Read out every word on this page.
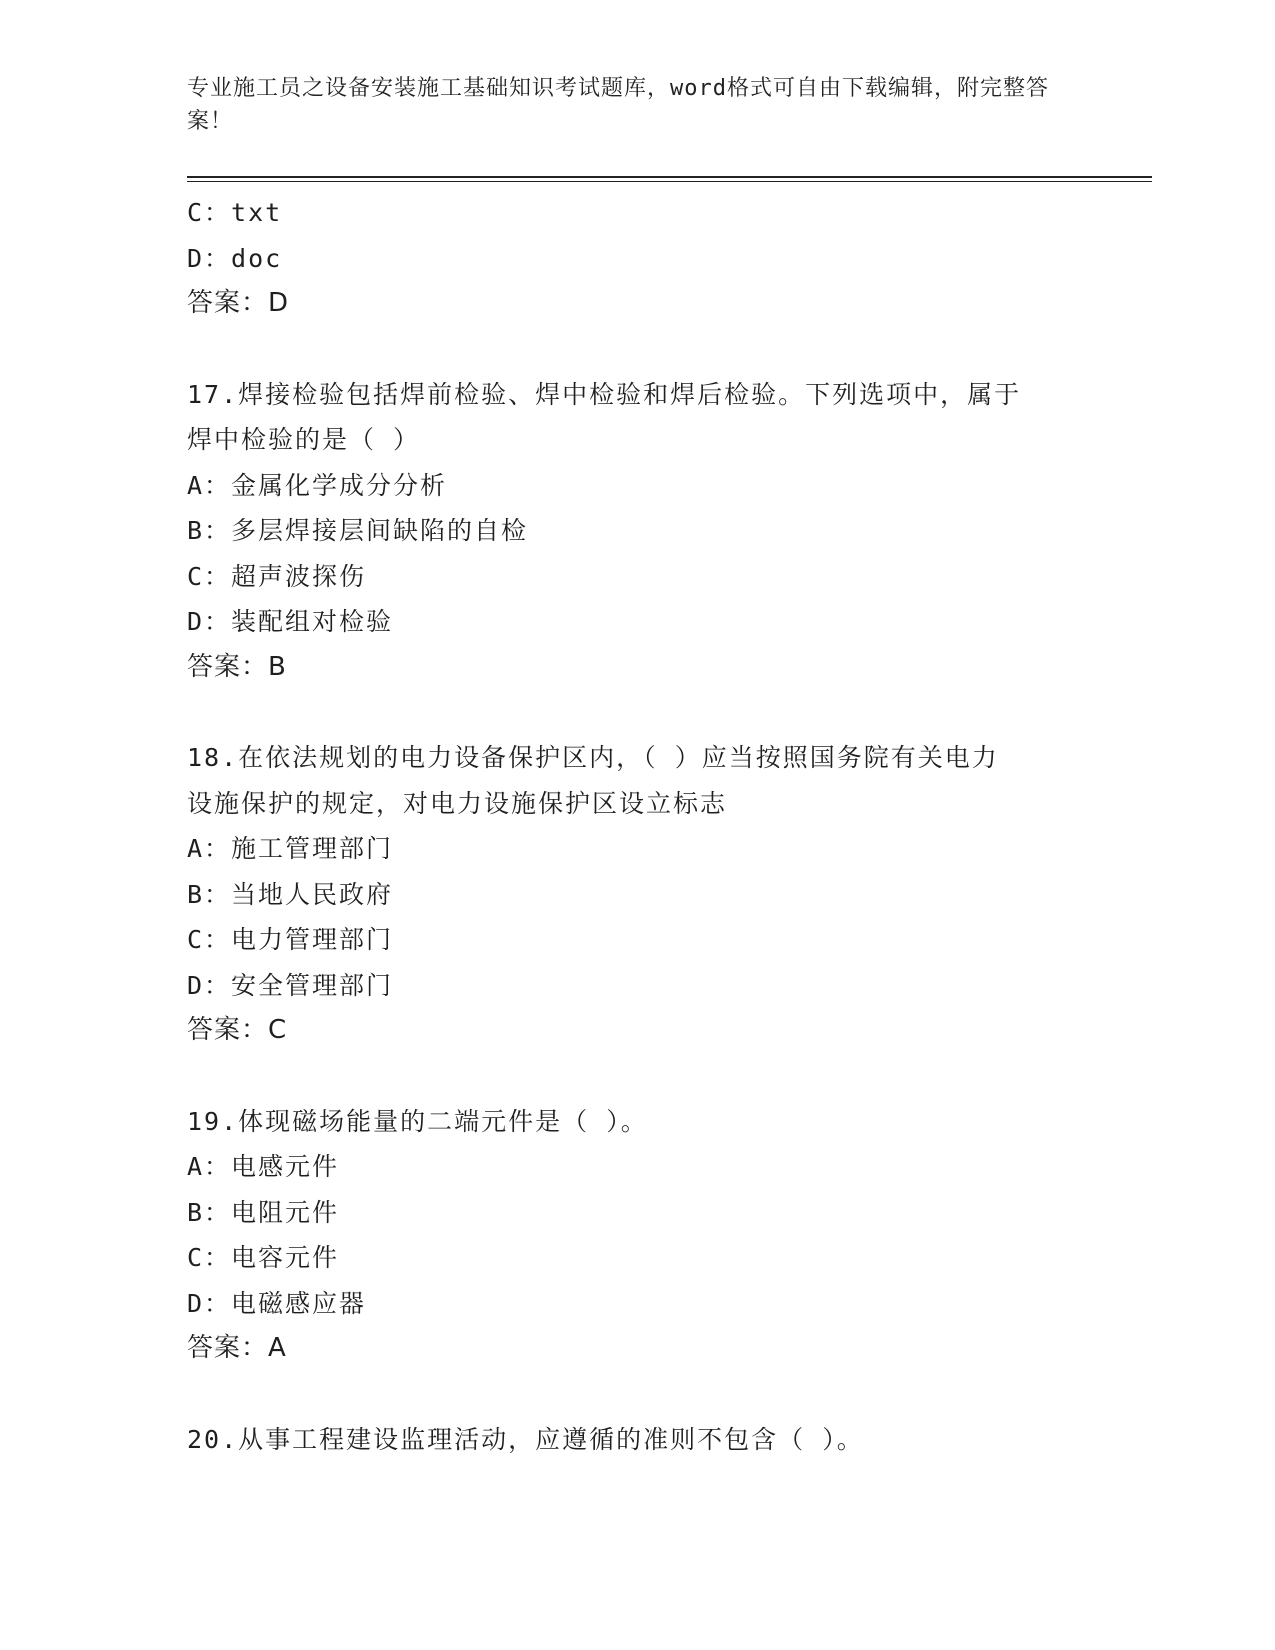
专业施工员之设备安装施工基础知识考试题库，word格式可自由下载编辑，附完整答案！
C：txt
D：doc
答案：D
17.焊接检验包括焊前检验、焊中检验和焊后检验。下列选项中，属于
焊中检验的是（ ）
A：金属化学成分分析
B：多层焊接层间缺陷的自检
C：超声波探伤
D：装配组对检验
答案：B
18.在依法规划的电力设备保护区内，（ ）应当按照国务院有关电力
设施保护的规定，对电力设施保护区设立标志
A：施工管理部门
B：当地人民政府
C：电力管理部门
D：安全管理部门
答案：C
19.体现磁场能量的二端元件是（ ）。
A：电感元件
B：电阻元件
C：电容元件
D：电磁感应器
答案：A
20.从事工程建设监理活动，应遵循的准则不包含（ ）。
